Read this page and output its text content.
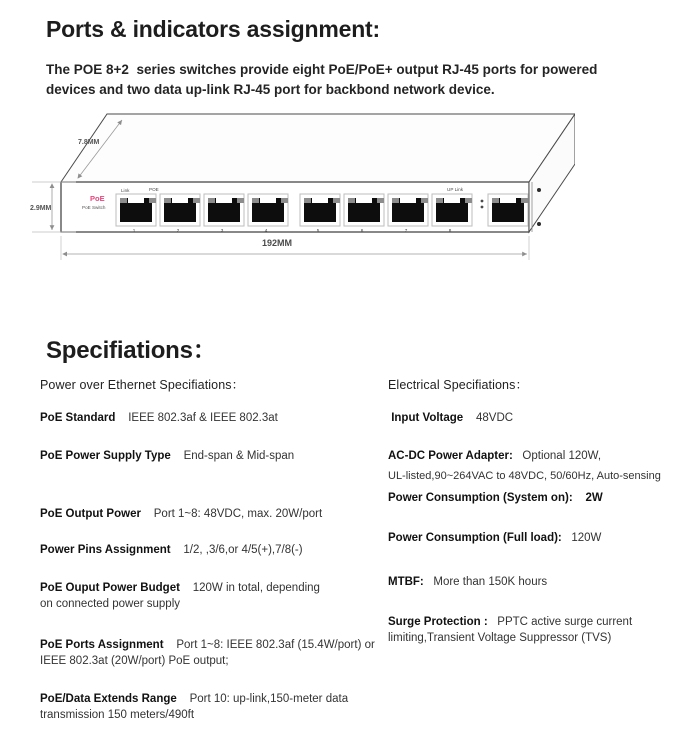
Ports & indicators assignment:
The POE 8+2  series switches provide eight PoE/PoE+ output RJ-45 ports for powered
devices and two data up-link RJ-45 port for backbond network device.
PoE
PoE Switch
Link	POE	UP Link
1	2	3	4	5	6	7	8
7.8MM
2.9MM
192MM
Specifiations：
Power over Ethernet Specifiations：
PoE Standard IEEE 802.3af & IEEE 802.3at
PoE Power Supply Type End-span & Mid-span
PoE Output Power Port 1~8: 48VDC, max. 20W/port
Power Pins Assignment 1/2, ,3/6,or 4/5(+),7/8(-)
PoE Ouput Power Budget 120W in total, depending
on connected power supply
PoE Ports Assignment Port 1~8: IEEE 802.3af (15.4W/port) or
IEEE 802.3at (20W/port) PoE output;
PoE/Data Extends Range Port 10: up-link,150-meter data
transmission 150 meters/490ft
Electrical Specifiations：
Input Voltage 48VDC
AC-DC Power Adapter: Optional 120W,
UL-listed,90~264VAC to 48VDC, 50/60Hz, Auto-sensing
Power Consumption (System on): 2W
Power Consumption (Full load): 120W
MTBF: More than 150K hours
Surge Protection : PPTC active surge current
limiting,Transient Voltage Suppressor (TVS)
